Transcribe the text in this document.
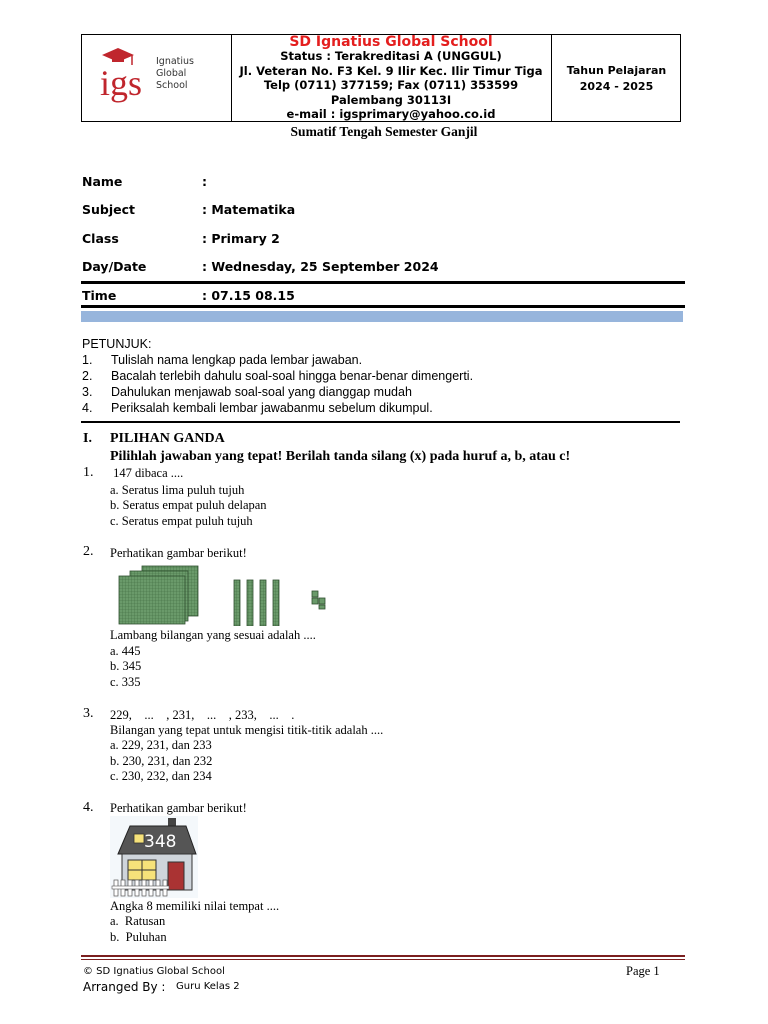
igs
Ignatius
Global
School
SD Ignatius Global School
Status : Terakreditasi A (UNGGUL)
Jl. Veteran No. F3 Kel. 9 Ilir Kec. Ilir Timur Tiga
Telp (0711) 377159; Fax (0711) 353599
Palembang 30113I
e-mail : igsprimary@yahoo.co.id
Tahun Pelajaran
2024 - 2025
Sumatif Tengah Semester Ganjil
Name	:
Subject	: Matematika
Class	: Primary 2
Day/Date	: Wednesday, 25 September 2024
Time	: 07.15 08.15
PETUNJUK:
1. Tulislah nama lengkap pada lembar jawaban.
2. Bacalah terlebih dahulu soal-soal hingga benar-benar dimengerti.
3. Dahulukan menjawab soal-soal yang dianggap mudah
4. Periksalah kembali lembar jawabanmu sebelum dikumpul.
I. PILIHAN GANDA
Pilihlah jawaban yang tepat! Berilah tanda silang (x) pada huruf a, b, atau c!
1. 147 dibaca ....
a. Seratus lima puluh tujuh
b. Seratus empat puluh delapan
c. Seratus empat puluh tujuh
2. Perhatikan gambar berikut!
Lambang bilangan yang sesuai adalah ....
a. 445
b. 345
c. 335
3. 229,    ...    , 231,    ...    , 233,    ...    .
Bilangan yang tepat untuk mengisi titik-titik adalah ....
a. 229, 231, dan 233
b. 230, 231, dan 232
c. 230, 232, dan 234
4. Perhatikan gambar berikut!
348
Angka 8 memiliki nilai tempat ....
a.  Ratusan
b.  Puluhan
© SD Ignatius Global School	Page 1
Arranged By : Guru Kelas 2
